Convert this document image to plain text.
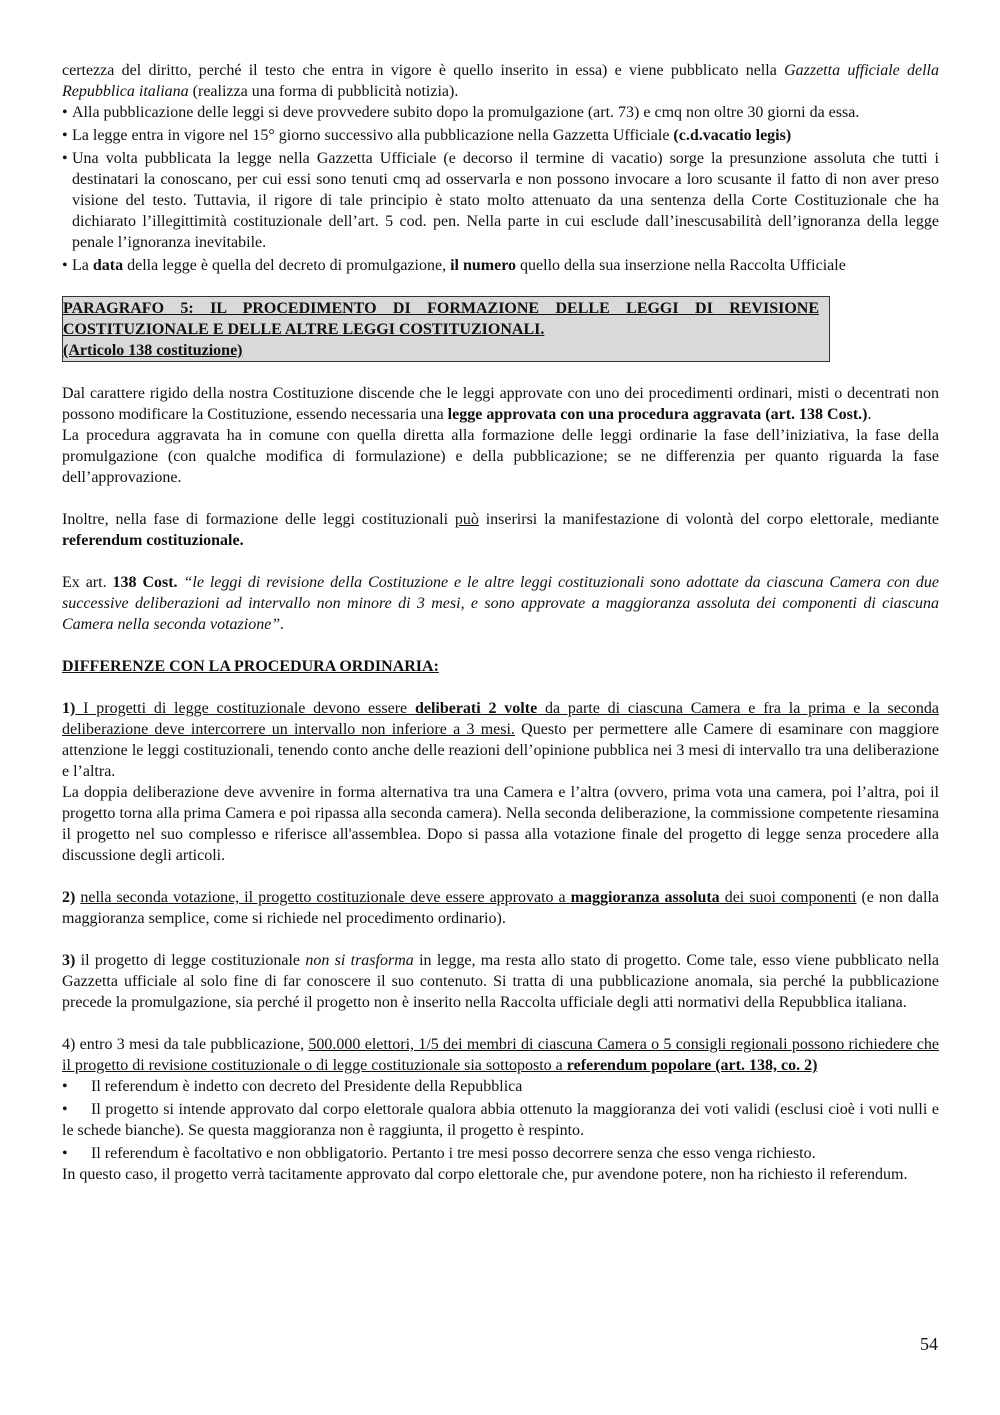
certezza del diritto, perché il testo che entra in vigore è quello inserito in essa) e viene pubblicato nella Gazzetta ufficiale della Repubblica italiana (realizza una forma di pubblicità notizia).

• Alla pubblicazione delle leggi si deve provvedere subito dopo la promulgazione (art. 73) e cmq non oltre 30 giorni da essa.
• La legge entra in vigore nel 15° giorno successivo alla pubblicazione nella Gazzetta Ufficiale (c.d.vacatio legis)
• Una volta pubblicata la legge nella Gazzetta Ufficiale (e decorso il termine di vacatio) sorge la presunzione assoluta che tutti i destinatari la conoscano, per cui essi sono tenuti cmq ad osservarla e non possono invocare a loro scusante il fatto di non aver preso visione del testo. Tuttavia, il rigore di tale principio è stato molto attenuato da una sentenza della Corte Costituzionale che ha dichiarato l’illegittimità costituzionale dell’art. 5 cod. pen. Nella parte in cui esclude dall’inescusabilità dell’ignoranza della legge penale l’ignoranza inevitabile.
• La data della legge è quella del decreto di promulgazione, il numero quello della sua inserzione nella Raccolta Ufficiale
PARAGRAFO 5: IL PROCEDIMENTO DI FORMAZIONE DELLE LEGGI DI REVISIONE COSTITUZIONALE E DELLE ALTRE LEGGI COSTITUZIONALI.
(Articolo 138 costituzione)

Dal carattere rigido della nostra Costituzione discende che le leggi approvate con uno dei procedimenti ordinari, misti o decentrati non possono modificare la Costituzione, essendo necessaria una legge approvata con una procedura aggravata (art. 138 Cost.).

La procedura aggravata ha in comune con quella diretta alla formazione delle leggi ordinarie la fase dell’iniziativa, la fase della promulgazione (con qualche modifica di formulazione) e della pubblicazione; se ne differenzia per quanto riguarda la fase dell’approvazione.

Inoltre, nella fase di formazione delle leggi costituzionali può inserirsi la manifestazione di volontà del corpo elettorale, mediante referendum costituzionale.

Ex art. 138 Cost. “le leggi di revisione della Costituzione e le altre leggi costituzionali sono adottate da ciascuna Camera con due successive deliberazioni ad intervallo non minore di 3 mesi, e sono approvate a maggioranza assoluta dei componenti di ciascuna Camera nella seconda votazione”.

DIFFERENZE CON LA PROCEDURA ORDINARIA:

1) I progetti di legge costituzionale devono essere deliberati 2 volte da parte di ciascuna Camera e fra la prima e la seconda deliberazione deve intercorrere un intervallo non inferiore a 3 mesi. Questo per permettere alle Camere di esaminare con maggiore attenzione le leggi costituzionali, tenendo conto anche delle reazioni dell’opinione pubblica nei 3 mesi di intervallo tra una deliberazione e l’altra.

La doppia deliberazione deve avvenire in forma alternativa tra una Camera e l’altra (ovvero, prima vota una camera, poi l’altra, poi il progetto torna alla prima Camera e poi ripassa alla seconda camera). Nella seconda deliberazione, la commissione competente riesamina il progetto nel suo complesso e riferisce all'assemblea. Dopo si passa alla votazione finale del progetto di legge senza procedere alla discussione degli articoli.

2) nella seconda votazione, il progetto costituzionale deve essere approvato a maggioranza assoluta dei suoi componenti (e non dalla maggioranza semplice, come si richiede nel procedimento ordinario).

3) il progetto di legge costituzionale non si trasforma in legge, ma resta allo stato di progetto. Come tale, esso viene pubblicato nella Gazzetta ufficiale al solo fine di far conoscere il suo contenuto. Si tratta di una pubblicazione anomala, sia perché la pubblicazione precede la promulgazione, sia perché il progetto non è inserito nella Raccolta ufficiale degli atti normativi della Repubblica italiana.

4) entro 3 mesi da tale pubblicazione, 500.000 elettori, 1/5 dei membri di ciascuna Camera o 5 consigli regionali possono richiedere che il progetto di revisione costituzionale o di legge costituzionale sia sottoposto a referendum popolare (art. 138, co. 2)

• Il referendum è indetto con decreto del Presidente della Repubblica
• Il progetto si intende approvato dal corpo elettorale qualora abbia ottenuto la maggioranza dei voti validi (esclusi cioè i voti nulli e le schede bianche). Se questa maggioranza non è raggiunta, il progetto è respinto.
• Il referendum è facoltativo e non obbligatorio. Pertanto i tre mesi posso decorrere senza che esso venga richiesto.

In questo caso, il progetto verrà tacitamente approvato dal corpo elettorale che, pur avendone potere, non ha richiesto il referendum.

54
